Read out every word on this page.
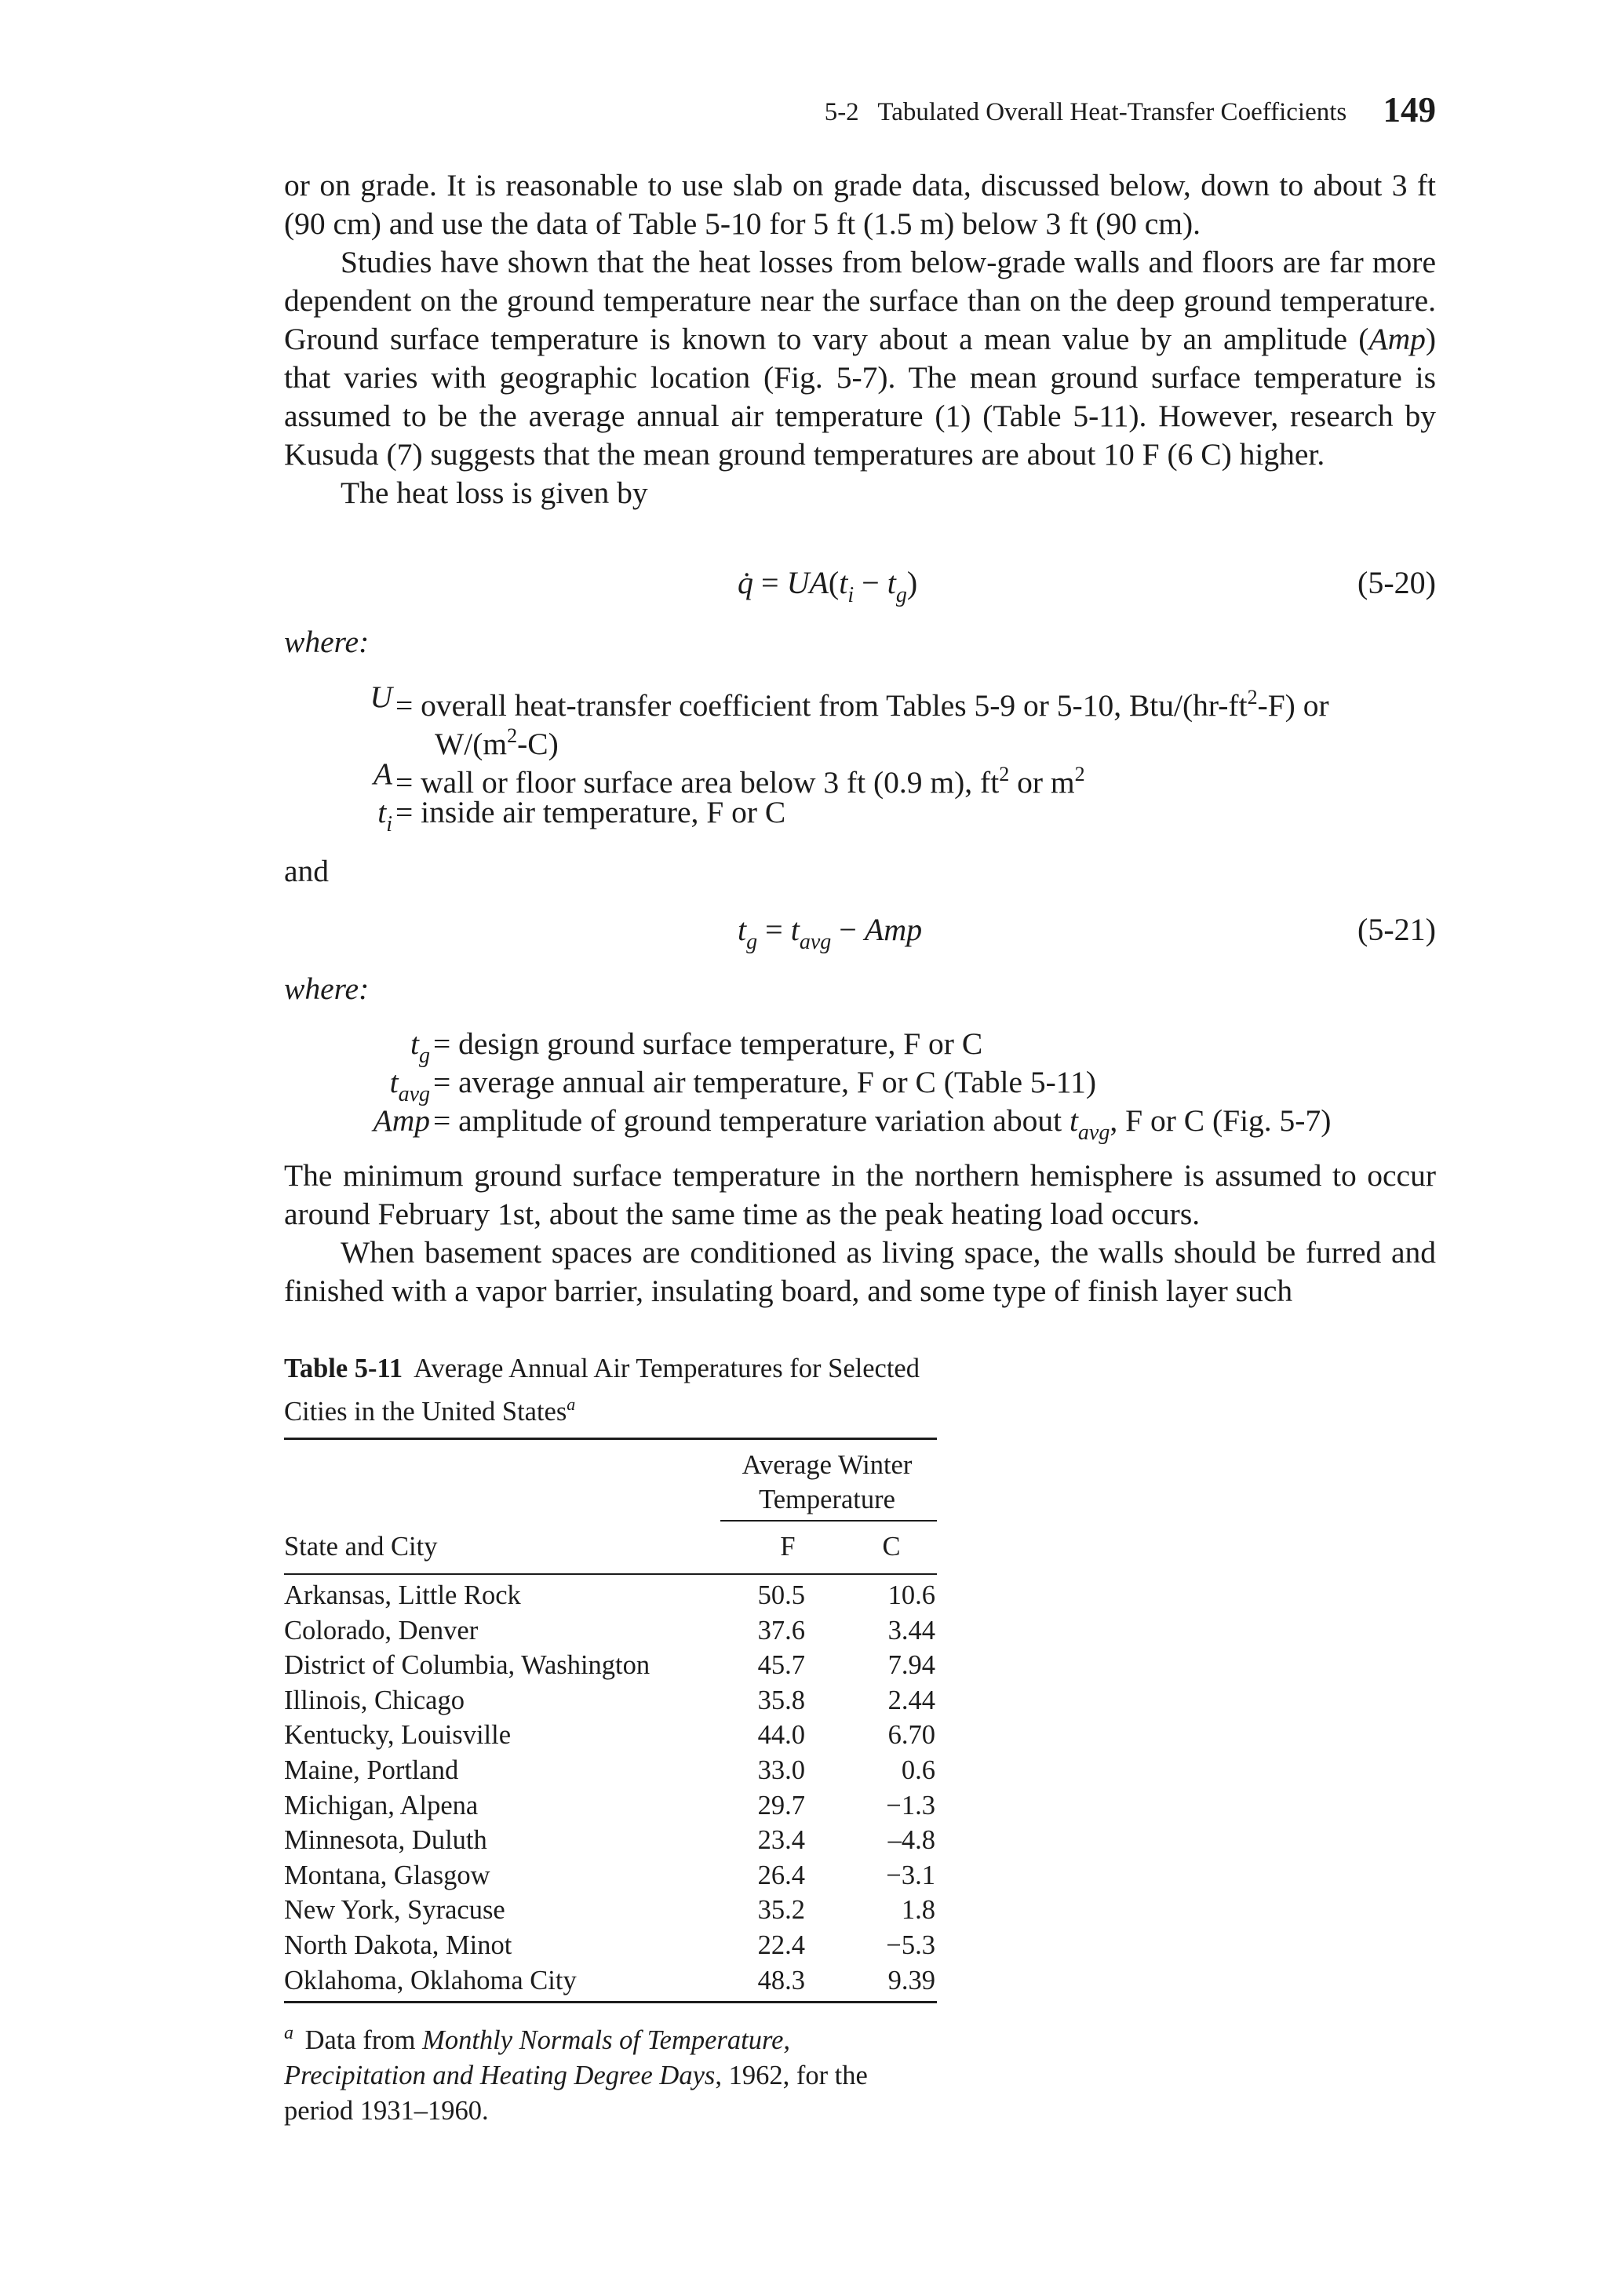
5-2 Tabulated Overall Heat-Transfer Coefficients 149

or on grade. It is reasonable to use slab on grade data, discussed below, down to about 3 ft (90 cm) and use the data of Table 5-10 for 5 ft (1.5 m) below 3 ft (90 cm).

Studies have shown that the heat losses from below-grade walls and floors are far more dependent on the ground temperature near the surface than on the deep ground temperature. Ground surface temperature is known to vary about a mean value by an amplitude (Amp) that varies with geographic location (Fig. 5-7). The mean ground surface temperature is assumed to be the average annual air temperature (1) (Table 5-11). However, research by Kusuda (7) suggests that the mean ground temperatures are about 10 F (6 C) higher.

The heat loss is given by

q̇ = $UA(t_i - t_g)$	(5-20)
where:
U = overall heat-transfer coefficient from Tables 5-9 or 5-10, Btu/$(hr-ft^2-F)$ or
$W/(m^2-C)$
A = wall or floor surface area below 3 ft (0.9 m), $ft^2$ or $m^2$
$t_i$ = inside air temperature, F or C
and
$t_g = t_{avg}$ − Amp	(5-21)
where:
$t_g$ = design ground surface temperature, F or C
$t_{avg}$ = average annual air temperature, F or C (Table 5-11)
Amp = amplitude of ground temperature variation about $t_{avg}$, F or C (Fig. 5-7)

The minimum ground surface temperature in the northern hemisphere is assumed to occur around February 1st, about the same time as the peak heating load occurs.

When basement spaces are conditioned as living space, the walls should be furred and finished with a vapor barrier, insulating board, and some type of finish layer such

Table 5-11 Average Annual Air Temperatures for Selected Cities in the United States$^a$
Average Winter
Temperature
State and City	F	C
Arkansas, Little Rock	50.5	10.6
Colorado, Denver	37.6	3.44
District of Columbia, Washington	45.7	7.94
Illinois, Chicago	35.8	2.44
Kentucky, Louisville	44.0	6.70
Maine, Portland	33.0	0.6
Michigan, Alpena	29.7	−1.3
Minnesota, Duluth	23.4	–4.8
Montana, Glasgow	26.4	−3.1
New York, Syracuse	35.2	1.8
North Dakota, Minot	22.4	−5.3
Oklahoma, Oklahoma City	48.3	9.39
$^a$ Data from Monthly Normals of Temperature, Precipitation and Heating Degree Days, 1962, for the period 1931–1960.
